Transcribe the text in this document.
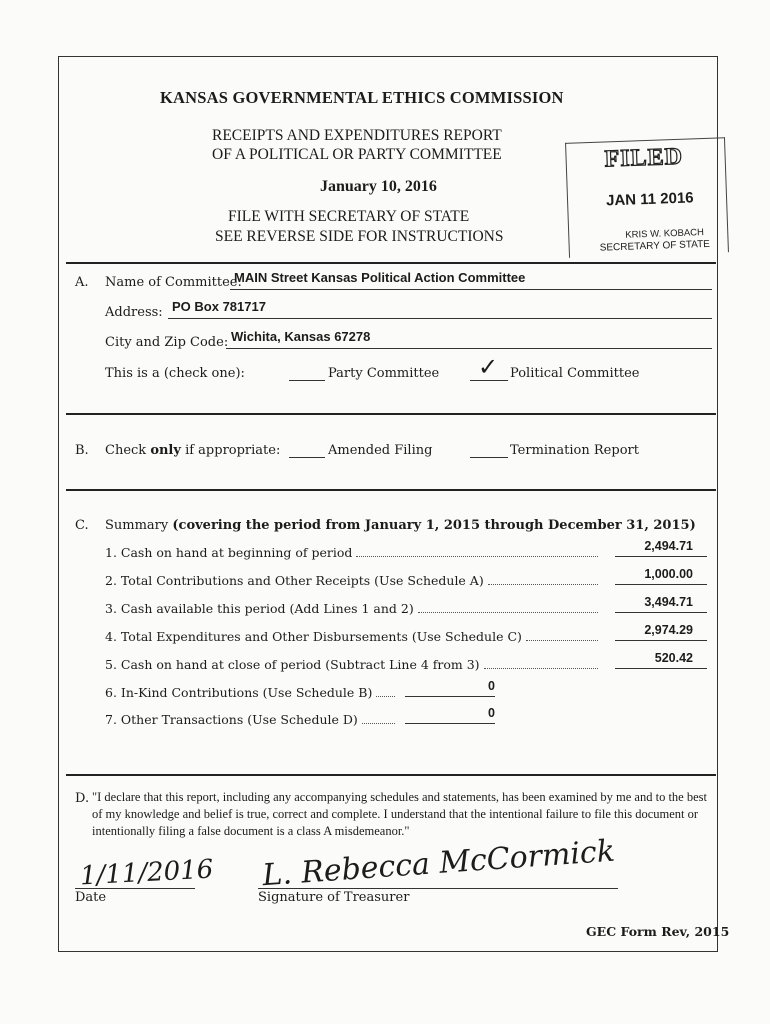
KANSAS GOVERNMENTAL ETHICS COMMISSION
RECEIPTS AND EXPENDITURES REPORT
OF A POLITICAL OR PARTY COMMITTEE
January 10, 2016
FILE WITH SECRETARY OF STATE
SEE REVERSE SIDE FOR INSTRUCTIONS
FILED
JAN 11 2016
KRIS W. KOBACH
SECRETARY OF STATE
A. Name of Committee:
MAIN Street Kansas Political Action Committee
Address: PO Box 781717
City and Zip Code: Wichita, Kansas 67278
This is a (check one):	Party Committee ✓ Political Committee
B. Check only if appropriate:	Amended Filing	Termination Report
C. Summary (covering the period from January 1, 2015 through December 31, 2015)
1. Cash on hand at beginning of period	2,494.71
2. Total Contributions and Other Receipts (Use Schedule A)	1,000.00
3. Cash available this period (Add Lines 1 and 2)	3,494.71
4. Total Expenditures and Other Disbursements (Use Schedule C)	2,974.29
5. Cash on hand at close of period (Subtract Line 4 from 3)	520.42
6. In-Kind Contributions (Use Schedule B)	0
7. Other Transactions (Use Schedule D)	0
D. "I declare that this report, including any accompanying schedules and statements, has been examined by me and to the best of my knowledge and belief is true, correct and complete. I understand that the intentional failure to file this document or intentionally filing a false document is a class A misdemeanor."
1/11/2016
Date
L. Rebecca McCormick
Signature of Treasurer
GEC Form Rev, 2015
